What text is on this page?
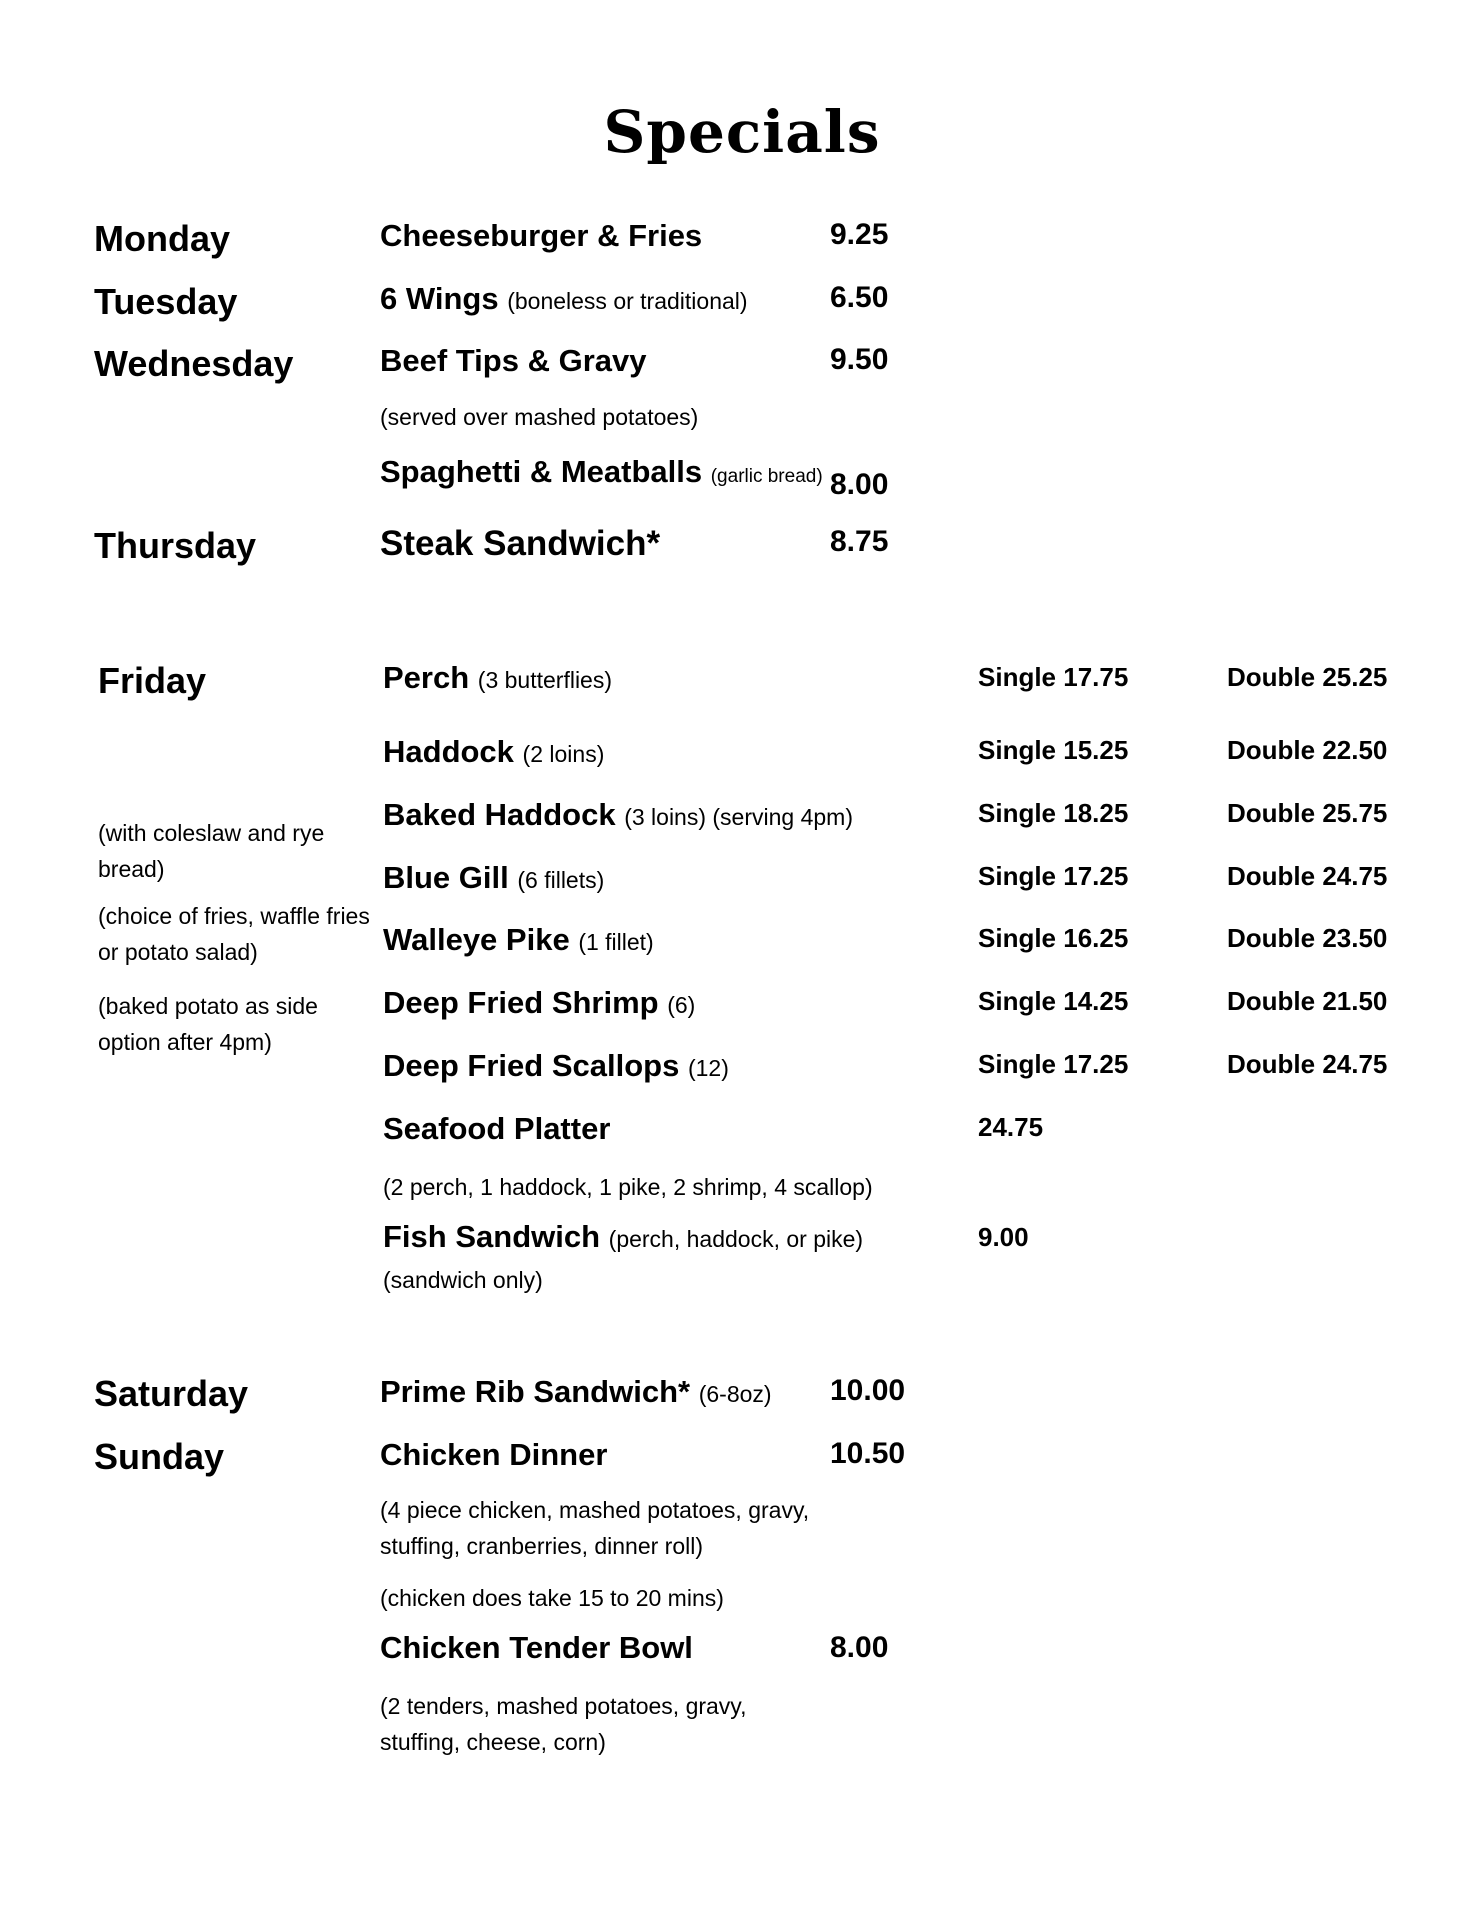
Specials
Monday	Cheeseburger & Fries	9.25
Tuesday	6 Wings (boneless or traditional)	6.50
Wednesday	Beef Tips & Gravy	9.50
(served over mashed potatoes)
Spaghetti & Meatballs (garlic bread) 8.00
Thursday	Steak Sandwich*	8.75
Friday
(with coleslaw and rye bread)
(choice of fries, waffle fries or potato salad)
(baked potato as side option after 4pm)
Perch (3 butterflies)	Single 17.75	Double 25.25
Haddock (2 loins)	Single 15.25	Double 22.50
Baked Haddock (3 loins) (serving 4pm)	Single 18.25	Double 25.75
Blue Gill (6 fillets)	Single 17.25	Double 24.75
Walleye Pike (1 fillet)	Single 16.25	Double 23.50
Deep Fried Shrimp (6)	Single 14.25	Double 21.50
Deep Fried Scallops (12)	Single 17.25	Double 24.75
Seafood Platter	24.75
(2 perch, 1 haddock, 1 pike, 2 shrimp, 4 scallop)
Fish Sandwich (perch, haddock, or pike)	9.00
(sandwich only)
Saturday	Prime Rib Sandwich* (6-8oz) 10.00
Sunday	Chicken Dinner	10.50
(4 piece chicken, mashed potatoes, gravy, stuffing, cranberries, dinner roll)
(chicken does take 15 to 20 mins)
Chicken Tender Bowl	8.00
(2 tenders, mashed potatoes, gravy, stuffing, cheese, corn)
